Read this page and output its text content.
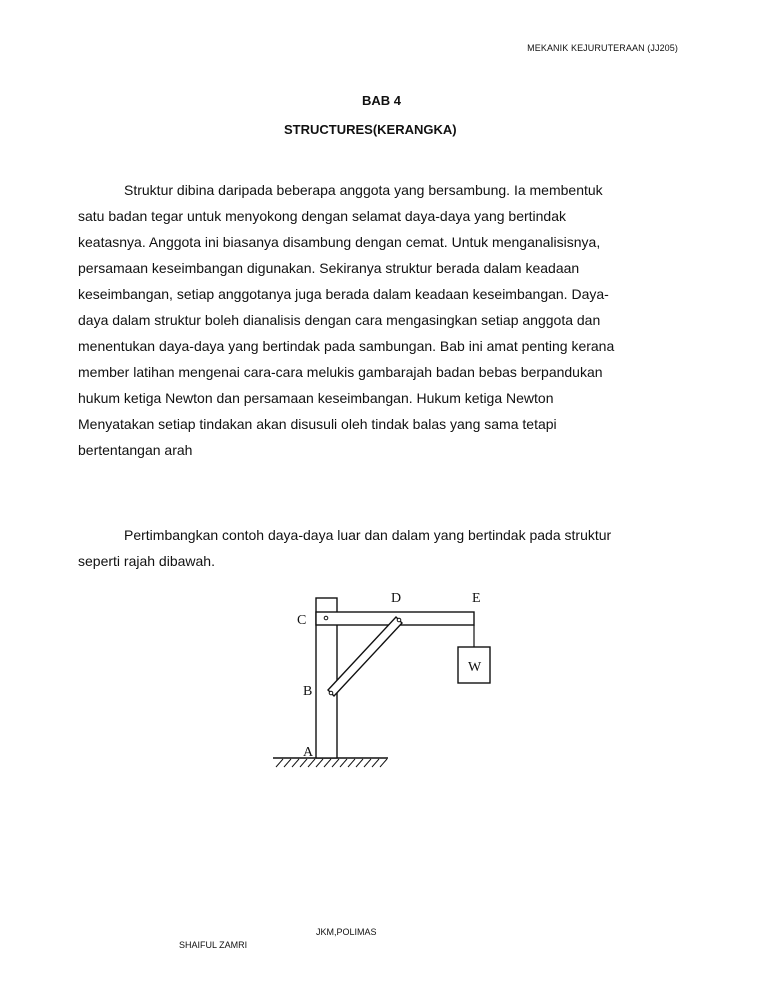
MEKANIK KEJURUTERAAN (JJ205)
BAB 4
STRUCTURES(KERANGKA)
Struktur dibina daripada beberapa anggota yang bersambung. Ia membentuk
satu badan tegar untuk menyokong dengan selamat daya-daya yang bertindak
keatasnya. Anggota ini biasanya disambung dengan cemat. Untuk menganalisisnya,
persamaan keseimbangan digunakan. Sekiranya struktur berada dalam keadaan
keseimbangan, setiap anggotanya juga berada dalam keadaan keseimbangan. Daya-
daya dalam struktur boleh dianalisis dengan cara mengasingkan setiap anggota dan
menentukan daya-daya yang bertindak pada sambungan. Bab ini amat penting kerana
member latihan mengenai cara-cara melukis gambarajah badan bebas berpandukan
hukum ketiga Newton dan persamaan keseimbangan. Hukum ketiga Newton
Menyatakan setiap tindakan akan disusuli oleh tindak balas yang sama tetapi
bertentangan arah
Pertimbangkan contoh daya-daya luar dan dalam yang bertindak pada struktur
seperti rajah dibawah.
W
C
D	E
B
A
JKM,POLIMAS
SHAIFUL ZAMRI
